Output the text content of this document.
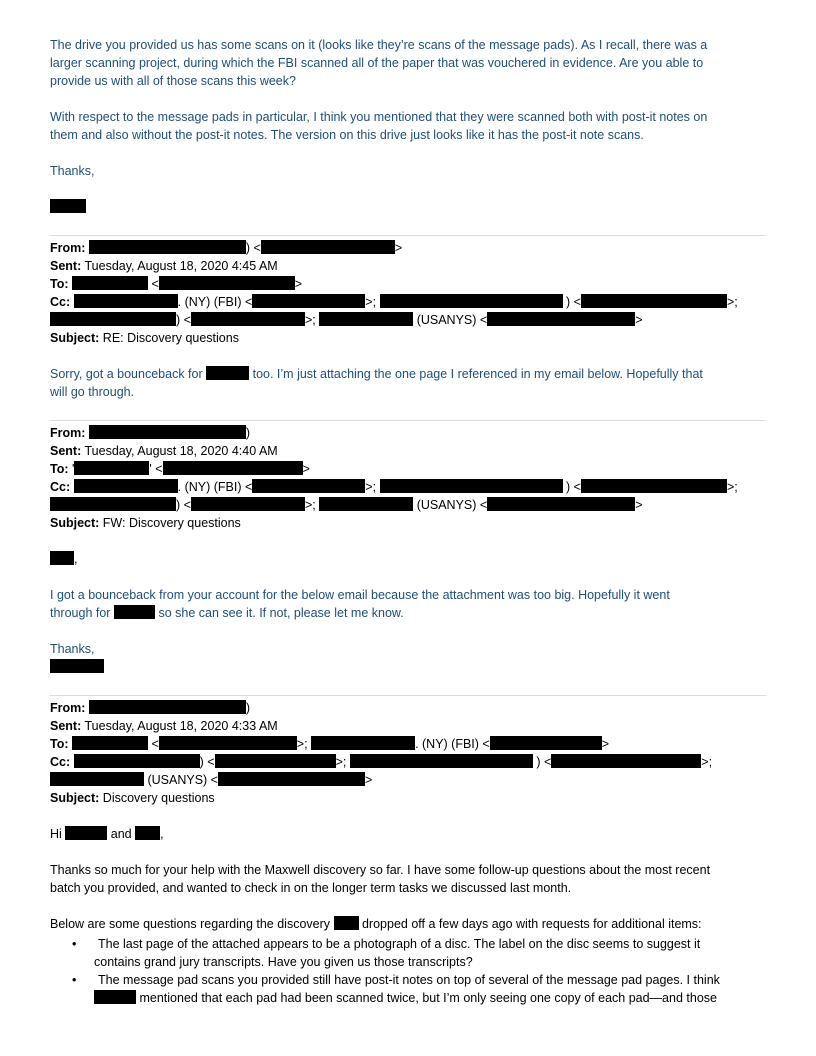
The drive you provided us has some scans on it (looks like they’re scans of the message pads). As I recall, there was a
larger scanning project, during which the FBI scanned all of the paper that was vouchered in evidence. Are you able to
provide us with all of those scans this week?
With respect to the message pads in particular, I think you mentioned that they were scanned both with post-it notes on
them and also without the post-it notes. The version on this drive just looks like it has the post-it note scans.
Thanks,
From:	) <	>
Sent: Tuesday, August 18, 2020 4:45 AM
To:	<	>
Cc:	. (NY) (FBI) <	>;	) <	>;
) <	>;	(USANYS) <	>
Subject: RE: Discovery questions
Sorry, got a bounceback for	too. I’m just attaching the one page I referenced in my email below. Hopefully that
will go through.
From:	)
Sent: Tuesday, August 18, 2020 4:40 AM
To: '	' <	>
Cc:	. (NY) (FBI) <	>;	) <	>;
) <	>;	(USANYS) <	>
Subject: FW: Discovery questions
,
I got a bounceback from your account for the below email because the attachment was too big. Hopefully it went
through for	so she can see it. If not, please let me know.
Thanks,
From:	)
Sent: Tuesday, August 18, 2020 4:33 AM
To:	<	>;	. (NY) (FBI) <	>
Cc:	) <	>;	) <	>;
(USANYS) <	>
Subject: Discovery questions
Hi	and ,
Thanks so much for your help with the Maxwell discovery so far. I have some follow-up questions about the most recent
batch you provided, and wanted to check in on the longer term tasks we discussed last month.
Below are some questions regarding the discovery	dropped off a few days ago with requests for additional items:
• The last page of the attached appears to be a photograph of a disc. The label on the disc seems to suggest it
contains grand jury transcripts. Have you given us those transcripts?
• The message pad scans you provided still have post-it notes on top of several of the message pad pages. I think
mentioned that each pad had been scanned twice, but I’m only seeing one copy of each pad—and those
